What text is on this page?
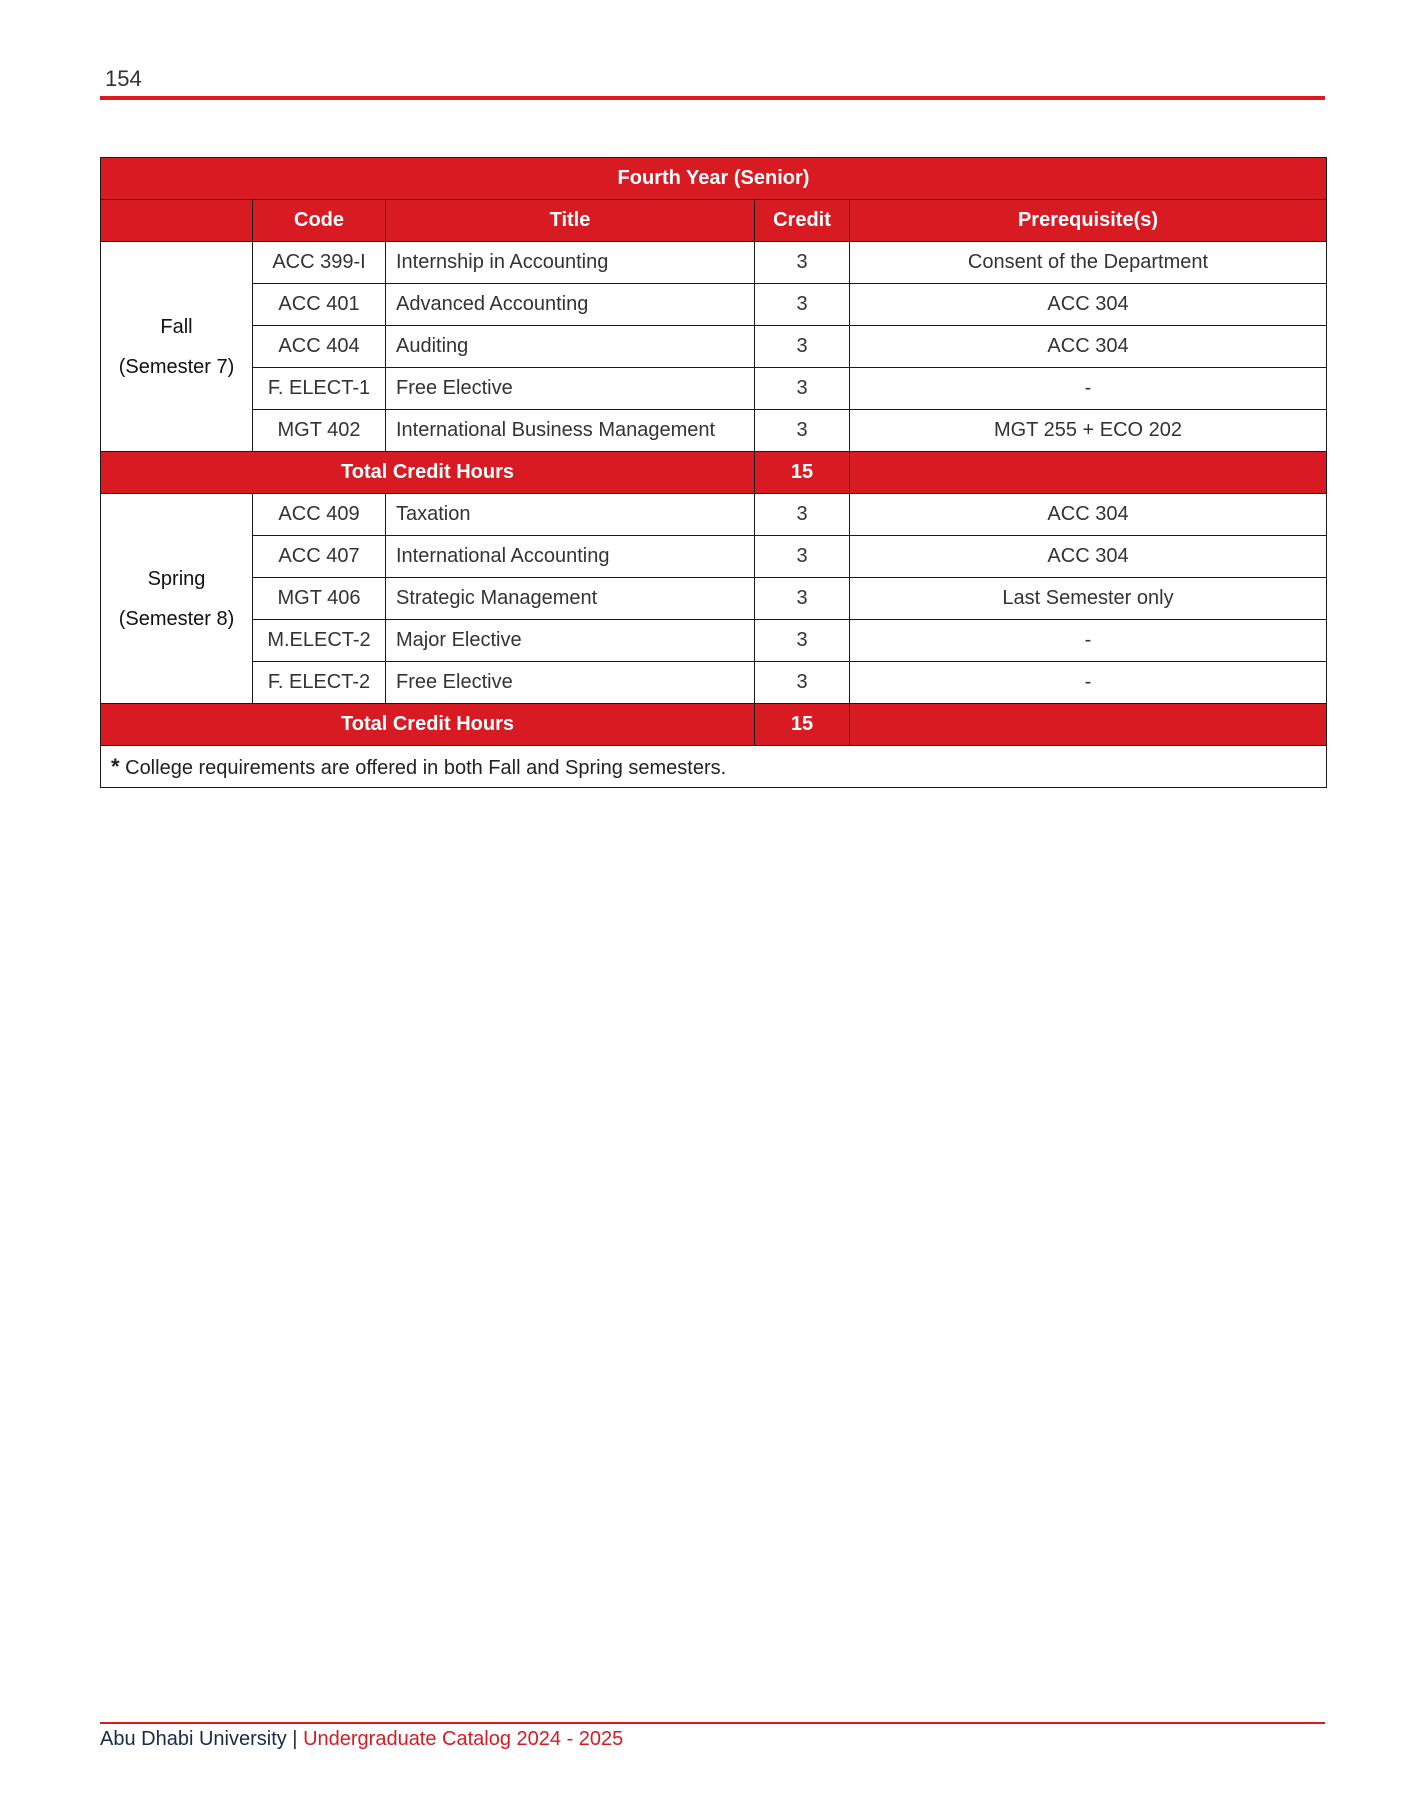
154
Fourth Year (Senior)				
	Code	Title	Credit	Prerequisite(s)

Fall
(Semester 7)	ACC 399-I	Internship in Accounting	3	Consent of the Department
	ACC 401	Advanced Accounting	3	ACC 304
	ACC 404	Auditing	3	ACC 304
	F. ELECT-1	Free Elective	3	-
	MGT 402	International Business Management	3	MGT 255 + ECO 202
Total Credit Hours			15	

Spring
(Semester 8)	ACC 409	Taxation	3	ACC 304
	ACC 407	International Accounting	3	ACC 304
	MGT 406	Strategic Management	3	Last Semester only
	M.ELECT-2	Major Elective	3	-
	F. ELECT-2	Free Elective	3	-
Total Credit Hours			15	
* College requirements are offered in both Fall and Spring semesters.				
Abu Dhabi University | Undergraduate Catalog 2024 - 2025
